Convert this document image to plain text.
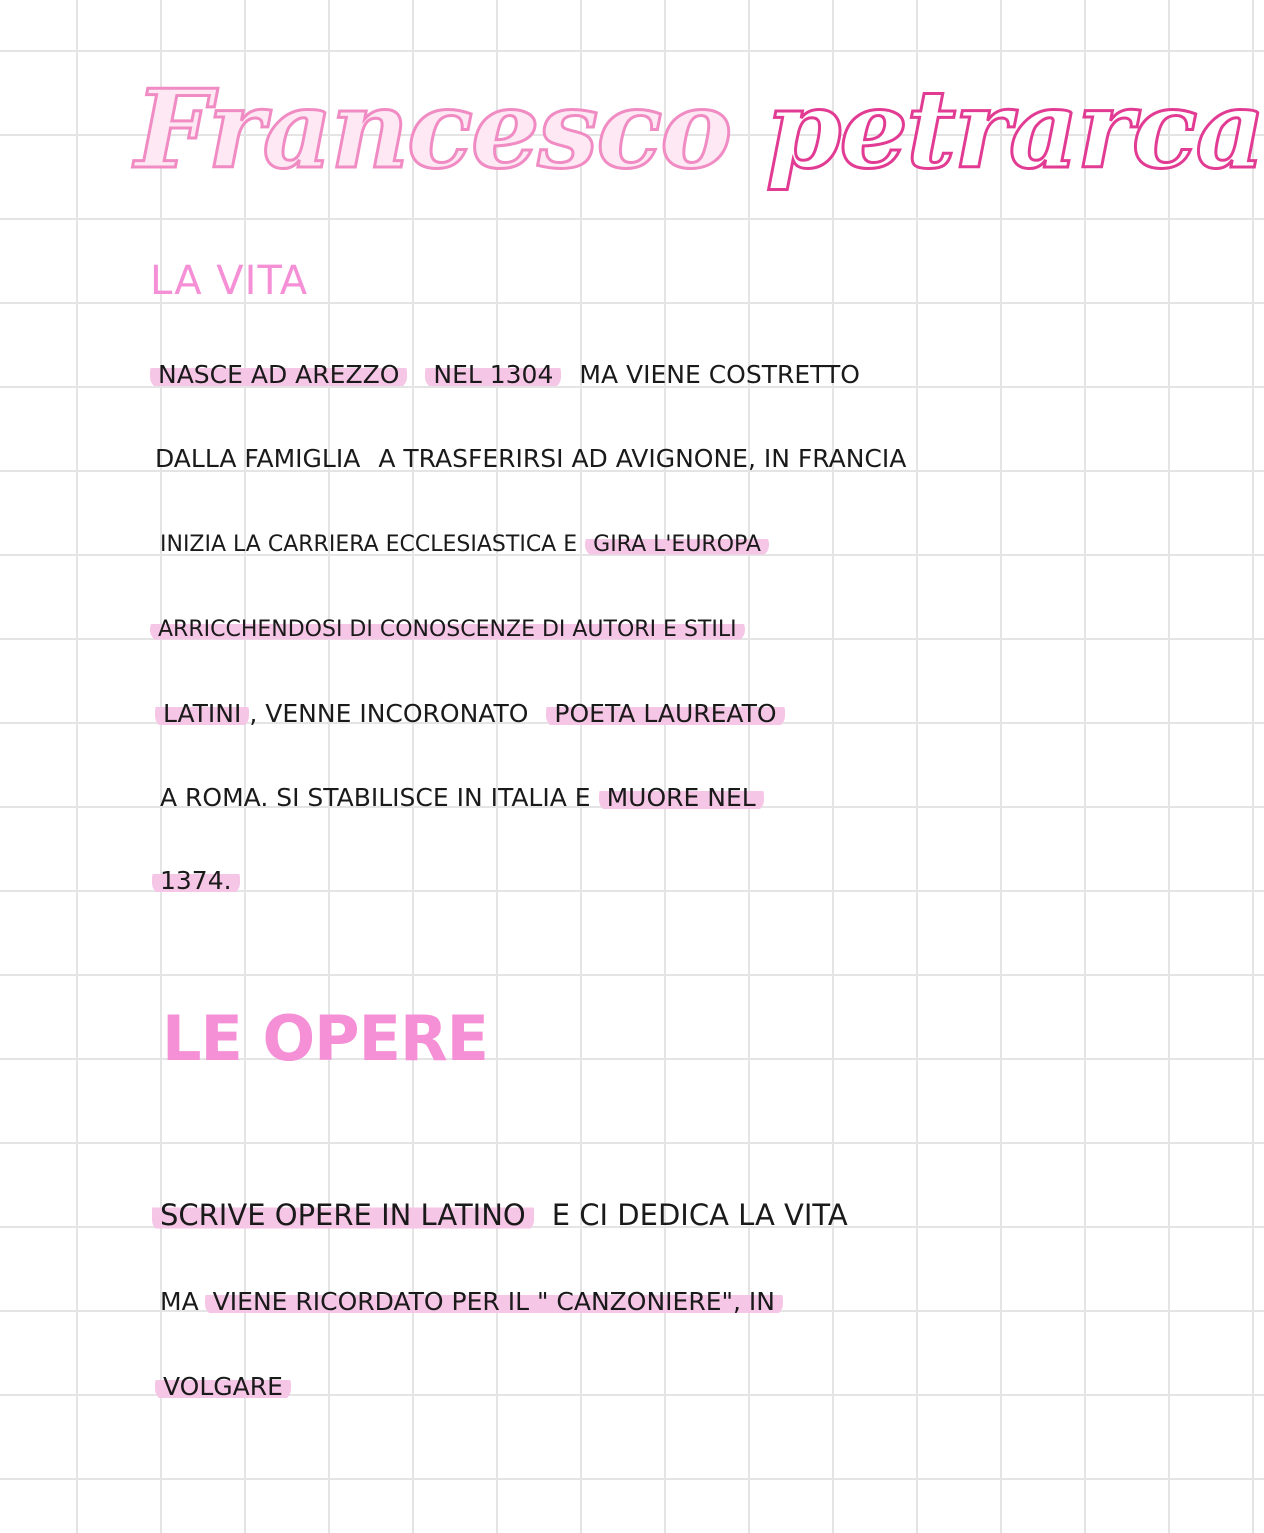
Francesco petrarca
LA VITA

NASCE AD AREZZO NEL 1304 MA VIENE COSTRETTO

DALLA FAMIGLIA A TRASFERIRSI AD AVIGNONE, IN FRANCIA

INIZIA LA CARRIERA ECCLESIASTICA E GIRA L'EUROPA

ARRICCHENDOSI DI CONOSCENZE DI AUTORI E STILI

LATINI , VENNE INCORONATO POETA LAUREATO

A ROMA. SI STABILISCE IN ITALIA E MUORE NEL

1374.

LE OPERE

SCRIVE OPERE IN LATINO E CI DEDICA LA VITA

MA VIENE RICORDATO PER IL " CANZONIERE", IN

VOLGARE
